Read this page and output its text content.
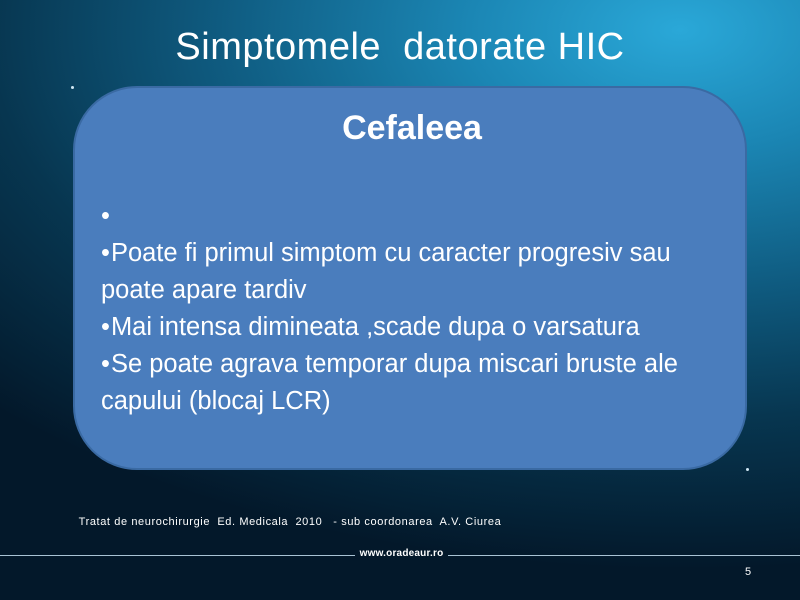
Simptomele  datorate HIC
Cefaleea
•
•Poate fi primul simptom cu caracter progresiv sau poate apare tardiv
•Mai intensa dimineata ,scade dupa o varsatura
•Se poate agrava temporar dupa miscari bruste ale capului (blocaj LCR)
Tratat de neurochirurgie  Ed. Medicala  2010   - sub coordonarea  A.V. Ciurea
www.oradeaur.ro
5
